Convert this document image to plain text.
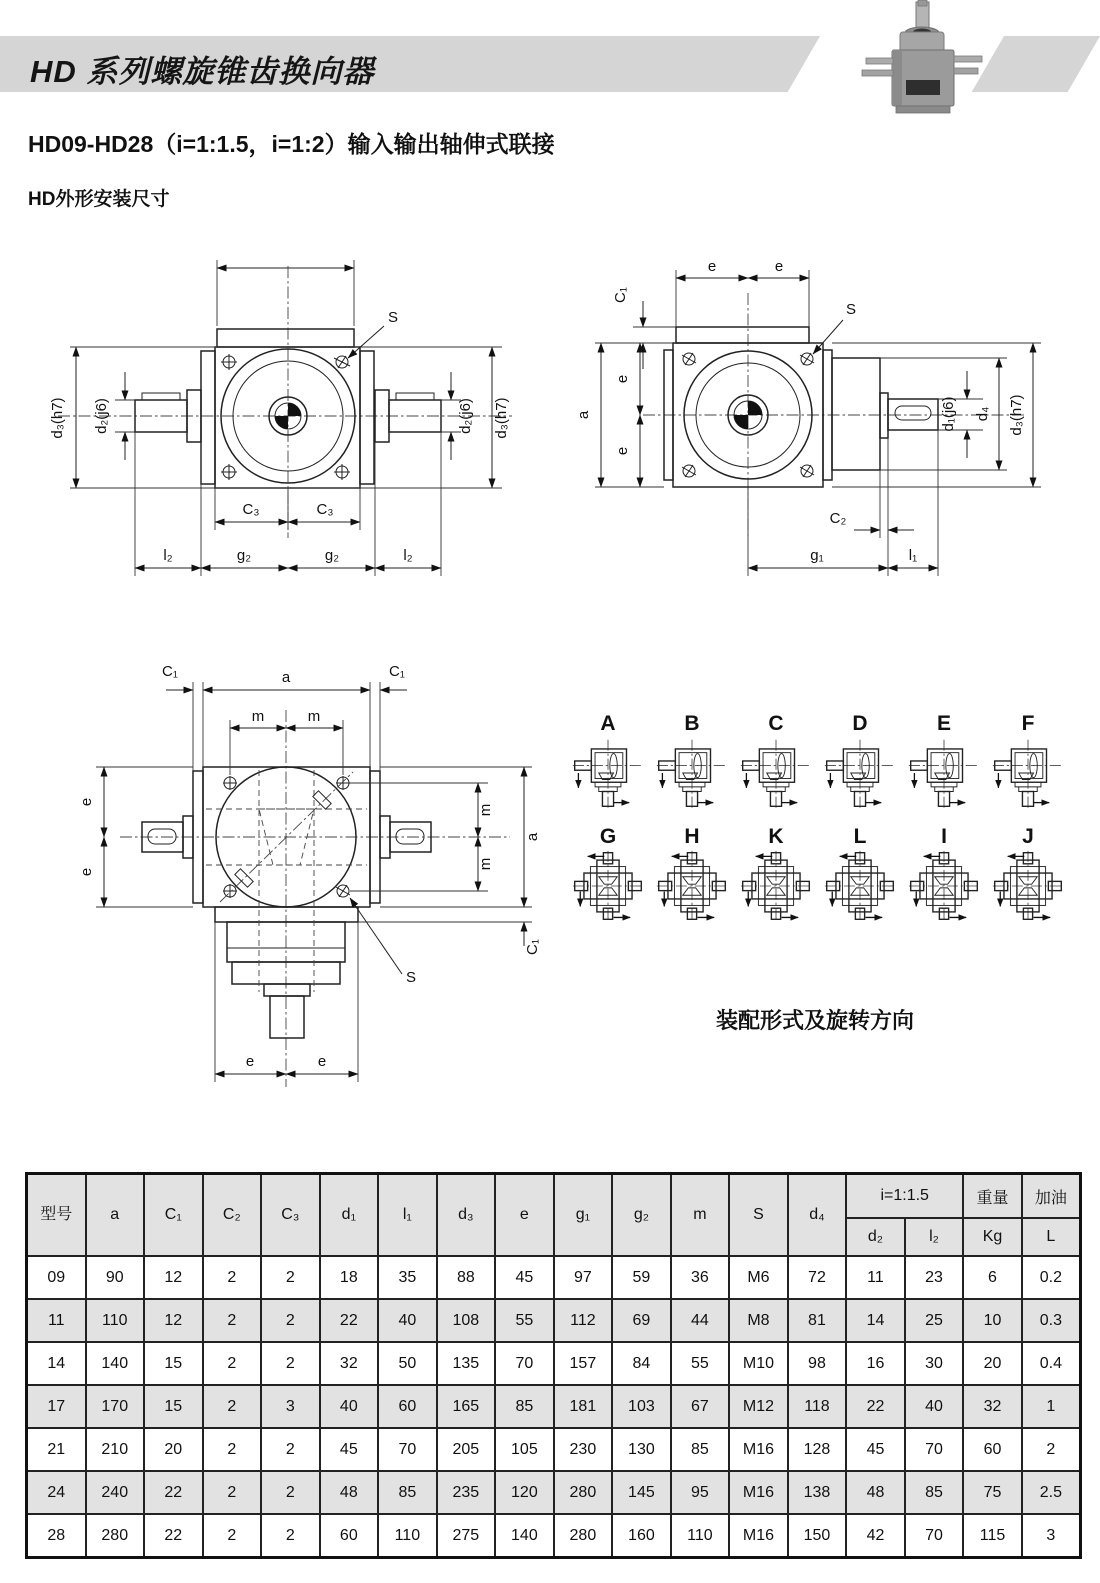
HD 系列螺旋锥齿换向器
HD09-HD28（i=1:1.5，i=1:2）输入输出轴伸式联接
HD外形安装尺寸
d₃(h7)	d₃(h7)
d₂(j6)	d₂(j6)
S
C₃	C₃
l₂	g₂	g₂	l₂
e	e
C₁
a
e
e
S
d₁(j6) d₄ d₃(h7)
C₂
g₁	l₁
C₁	a	C₁
m	m
e
e
m
m
a
C₁
e	e
S
A	B	C	D	E	F
G	H	K	L	I	J
装配形式及旋转方向
型号	a	C₁	C₂	C₃	d₁	l₁	d₃	e	g₁	g₂	m	S	d₄	i=1:1.5		重量	加油
														d₂	l₂	Kg	L
09	90	12	2	2	18	35	88	45	97	59	36	M6	72	11	23	6	0.2
11	110	12	2	2	22	40	108	55	112	69	44	M8	81	14	25	10	0.3
14	140	15	2	2	32	50	135	70	157	84	55	M10	98	16	30	20	0.4
17	170	15	2	3	40	60	165	85	181	103	67	M12	118	22	40	32	1
21	210	20	2	2	45	70	205	105	230	130	85	M16	128	45	70	60	2
24	240	22	2	2	48	85	235	120	280	145	95	M16	138	48	85	75	2.5
28	280	22	2	2	60	110	275	140	280	160	110	M16	150	42	70	115	3
